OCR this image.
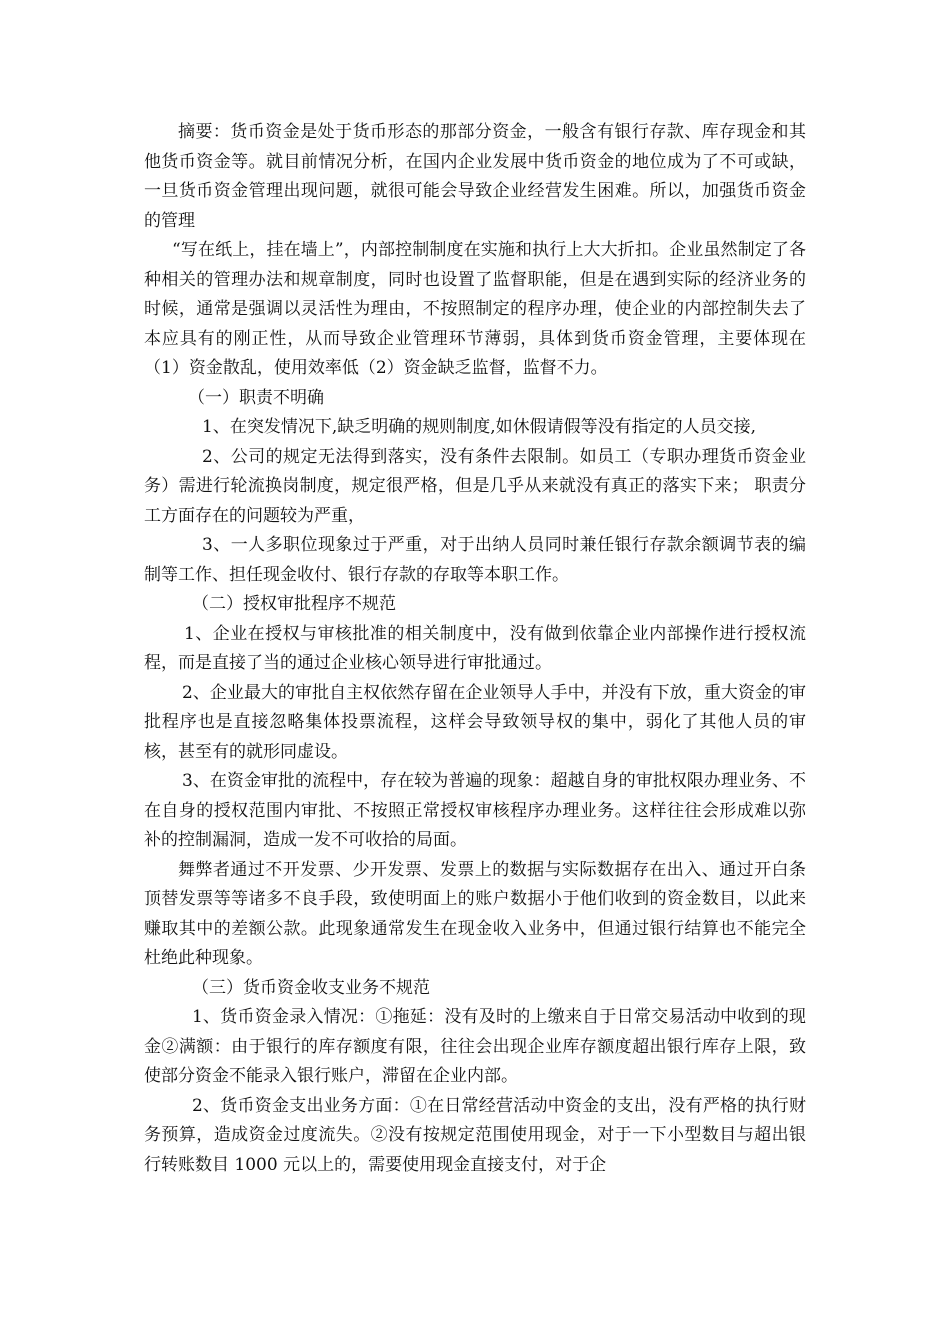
摘要：货币资金是处于货币形态的那部分资金，一般含有银行存款、库存现金和其他货币资金等。就目前情况分析，在国内企业发展中货币资金的地位成为了不可或缺，一旦货币资金管理出现问题，就很可能会导致企业经营发生困难。所以，加强货币资金的管理

“写在纸上，挂在墙上”，内部控制制度在实施和执行上大大折扣。企业虽然制定了各种相关的管理办法和规章制度，同时也设置了监督职能，但是在遇到实际的经济业务的时候，通常是强调以灵活性为理由，不按照制定的程序办理，使企业的内部控制失去了本应具有的刚正性，从而导致企业管理环节薄弱，具体到货币资金管理，主要体现在（1）资金散乱，使用效率低（2）资金缺乏监督，监督不力。

（一）职责不明确

1、在突发情况下,缺乏明确的规则制度,如休假请假等没有指定的人员交接,

2、公司的规定无法得到落实，没有条件去限制。如员工（专职办理货币资金业务）需进行轮流换岗制度，规定很严格，但是几乎从来就没有真正的落实下来； 职责分工方面存在的问题较为严重，

3、一人多职位现象过于严重，对于出纳人员同时兼任银行存款余额调节表的编制等工作、担任现金收付、银行存款的存取等本职工作。

（二）授权审批程序不规范

1、企业在授权与审核批准的相关制度中，没有做到依靠企业内部操作进行授权流程，而是直接了当的通过企业核心领导进行审批通过。

2、企业最大的审批自主权依然存留在企业领导人手中，并没有下放，重大资金的审批程序也是直接忽略集体投票流程，这样会导致领导权的集中，弱化了其他人员的审核，甚至有的就形同虚设。

3、在资金审批的流程中，存在较为普遍的现象：超越自身的审批权限办理业务、不在自身的授权范围内审批、不按照正常授权审核程序办理业务。这样往往会形成难以弥补的控制漏洞，造成一发不可收拾的局面。

舞弊者通过不开发票、少开发票、发票上的数据与实际数据存在出入、通过开白条顶替发票等等诸多不良手段，致使明面上的账户数据小于他们收到的资金数目，以此来赚取其中的差额公款。此现象通常发生在现金收入业务中，但通过银行结算也不能完全杜绝此种现象。

（三）货币资金收支业务不规范

1、货币资金录入情况：①拖延：没有及时的上缴来自于日常交易活动中收到的现金②满额：由于银行的库存额度有限，往往会出现企业库存额度超出银行库存上限，致使部分资金不能录入银行账户，滞留在企业内部。

2、货币资金支出业务方面：①在日常经营活动中资金的支出，没有严格的执行财务预算，造成资金过度流失。②没有按规定范围使用现金，对于一下小型数目与超出银行转账数目 1000 元以上的，需要使用现金直接支付，对于企
